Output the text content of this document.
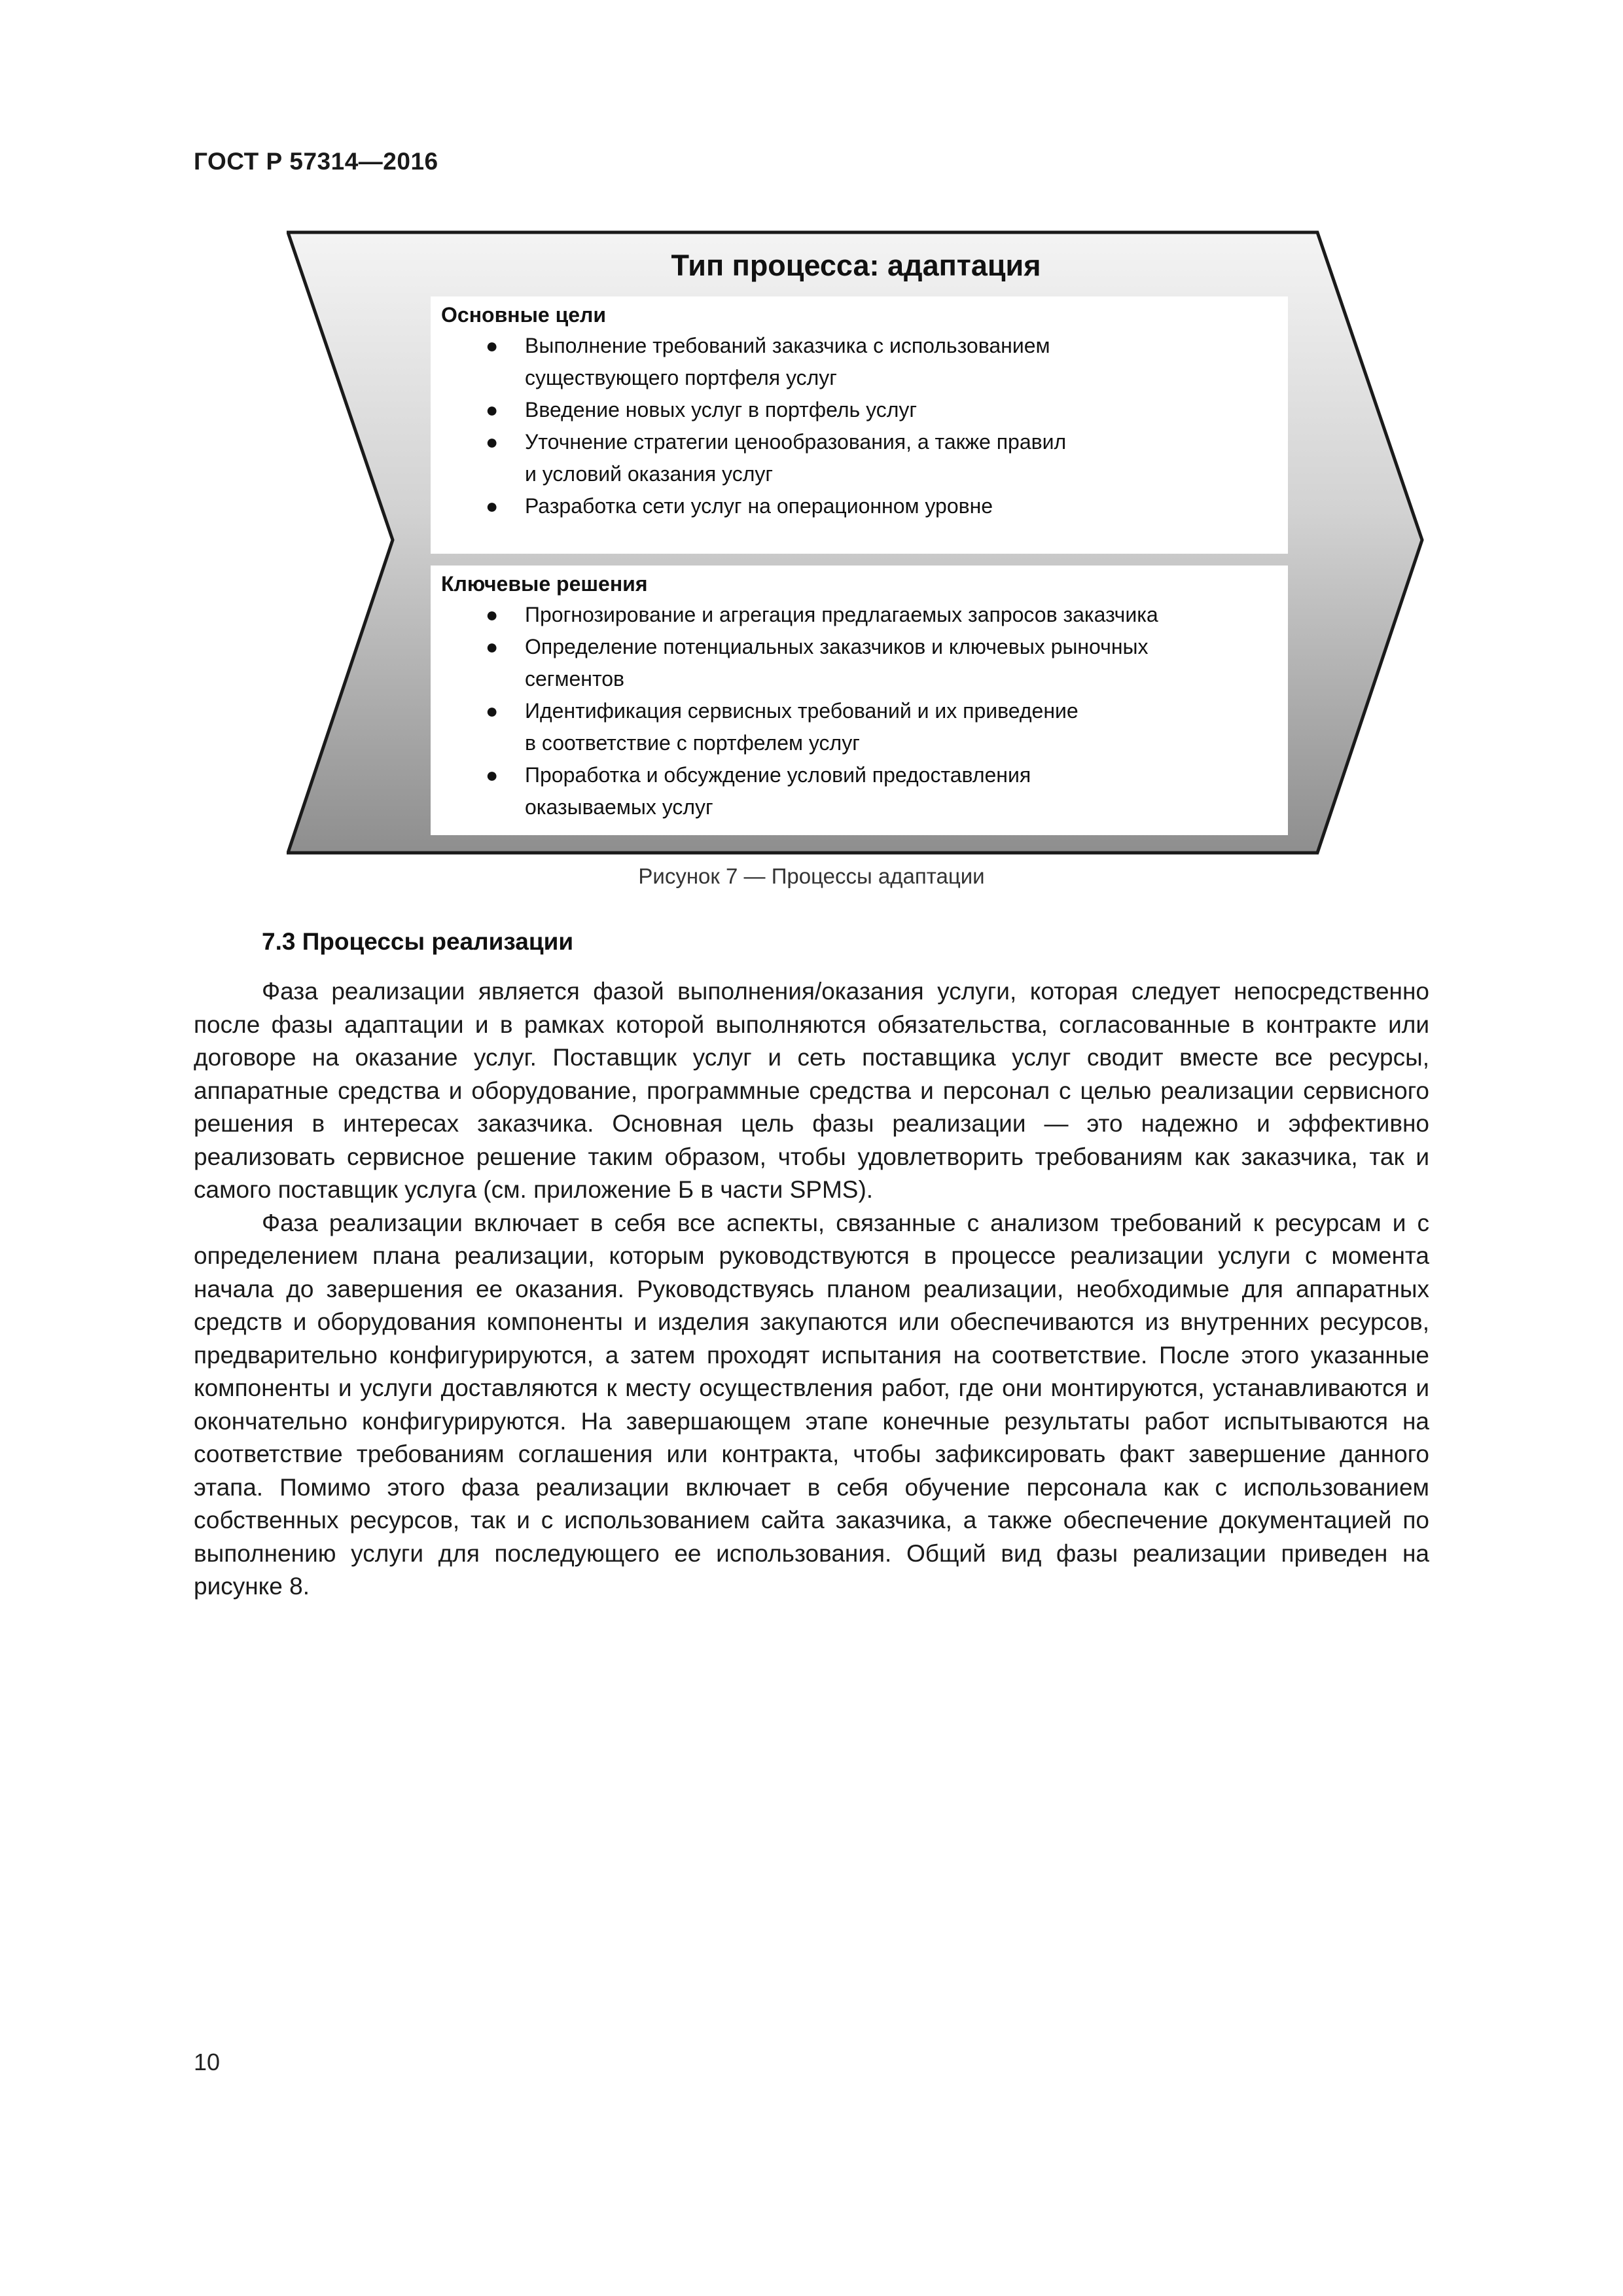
ГОСТ Р 57314—2016
Тип процесса: адаптация
Основные цели
● Выполнение требований заказчика с использованием
существующего портфеля услуг
● Введение новых услуг в портфель услуг
● Уточнение стратегии ценообразования, а также правил
и условий оказания услуг
● Разработка сети услуг на операционном уровне
Ключевые решения
● Прогнозирование и агрегация предлагаемых запросов заказчика
● Определение потенциальных заказчиков и ключевых рыночных
сегментов
● Идентификация сервисных требований и их приведение
в соответствие с портфелем услуг
● Проработка и обсуждение условий предоставления
оказываемых услуг
Рисунок 7 — Процессы адаптации
7.3 Процессы реализации

Фаза реализации является фазой выполнения/оказания услуги, которая следует непосредственно после фазы адаптации и в рамках которой выполняются обязательства, согласованные в контракте или договоре на оказание услуг. Поставщик услуг и сеть поставщика услуг сводит вместе все ресурсы, аппаратные средства и оборудование, программные средства и персонал с целью реализации сервисного решения в интересах заказчика. Основная цель фазы реализации — это надежно и эффективно реализовать сервисное решение таким образом, чтобы удовлетворить требованиям как заказчика, так и самого поставщик услуга (см. приложение Б в части SPMS).

Фаза реализации включает в себя все аспекты, связанные с анализом требований к ресурсам и с определением плана реализации, которым руководствуются в процессе реализации услуги с момента начала до завершения ее оказания. Руководствуясь планом реализации, необходимые для аппаратных средств и оборудования компоненты и изделия закупаются или обеспечиваются из внутренних ресурсов, предварительно конфигурируются, а затем проходят испытания на соответствие. После этого указанные компоненты и услуги доставляются к месту осуществления работ, где они монтируются, устанавливаются и окончательно конфигурируются. На завершающем этапе конечные результаты работ испытываются на соответствие требованиям соглашения или контракта, чтобы зафиксировать факт завершение данного этапа. Помимо этого фаза реализации включает в себя обучение персонала как с использованием собственных ресурсов, так и с использованием сайта заказчика, а также обеспечение документацией по выполнению услуги для последующего ее использования. Общий вид фазы реализации приведен на рисунке 8.

10
